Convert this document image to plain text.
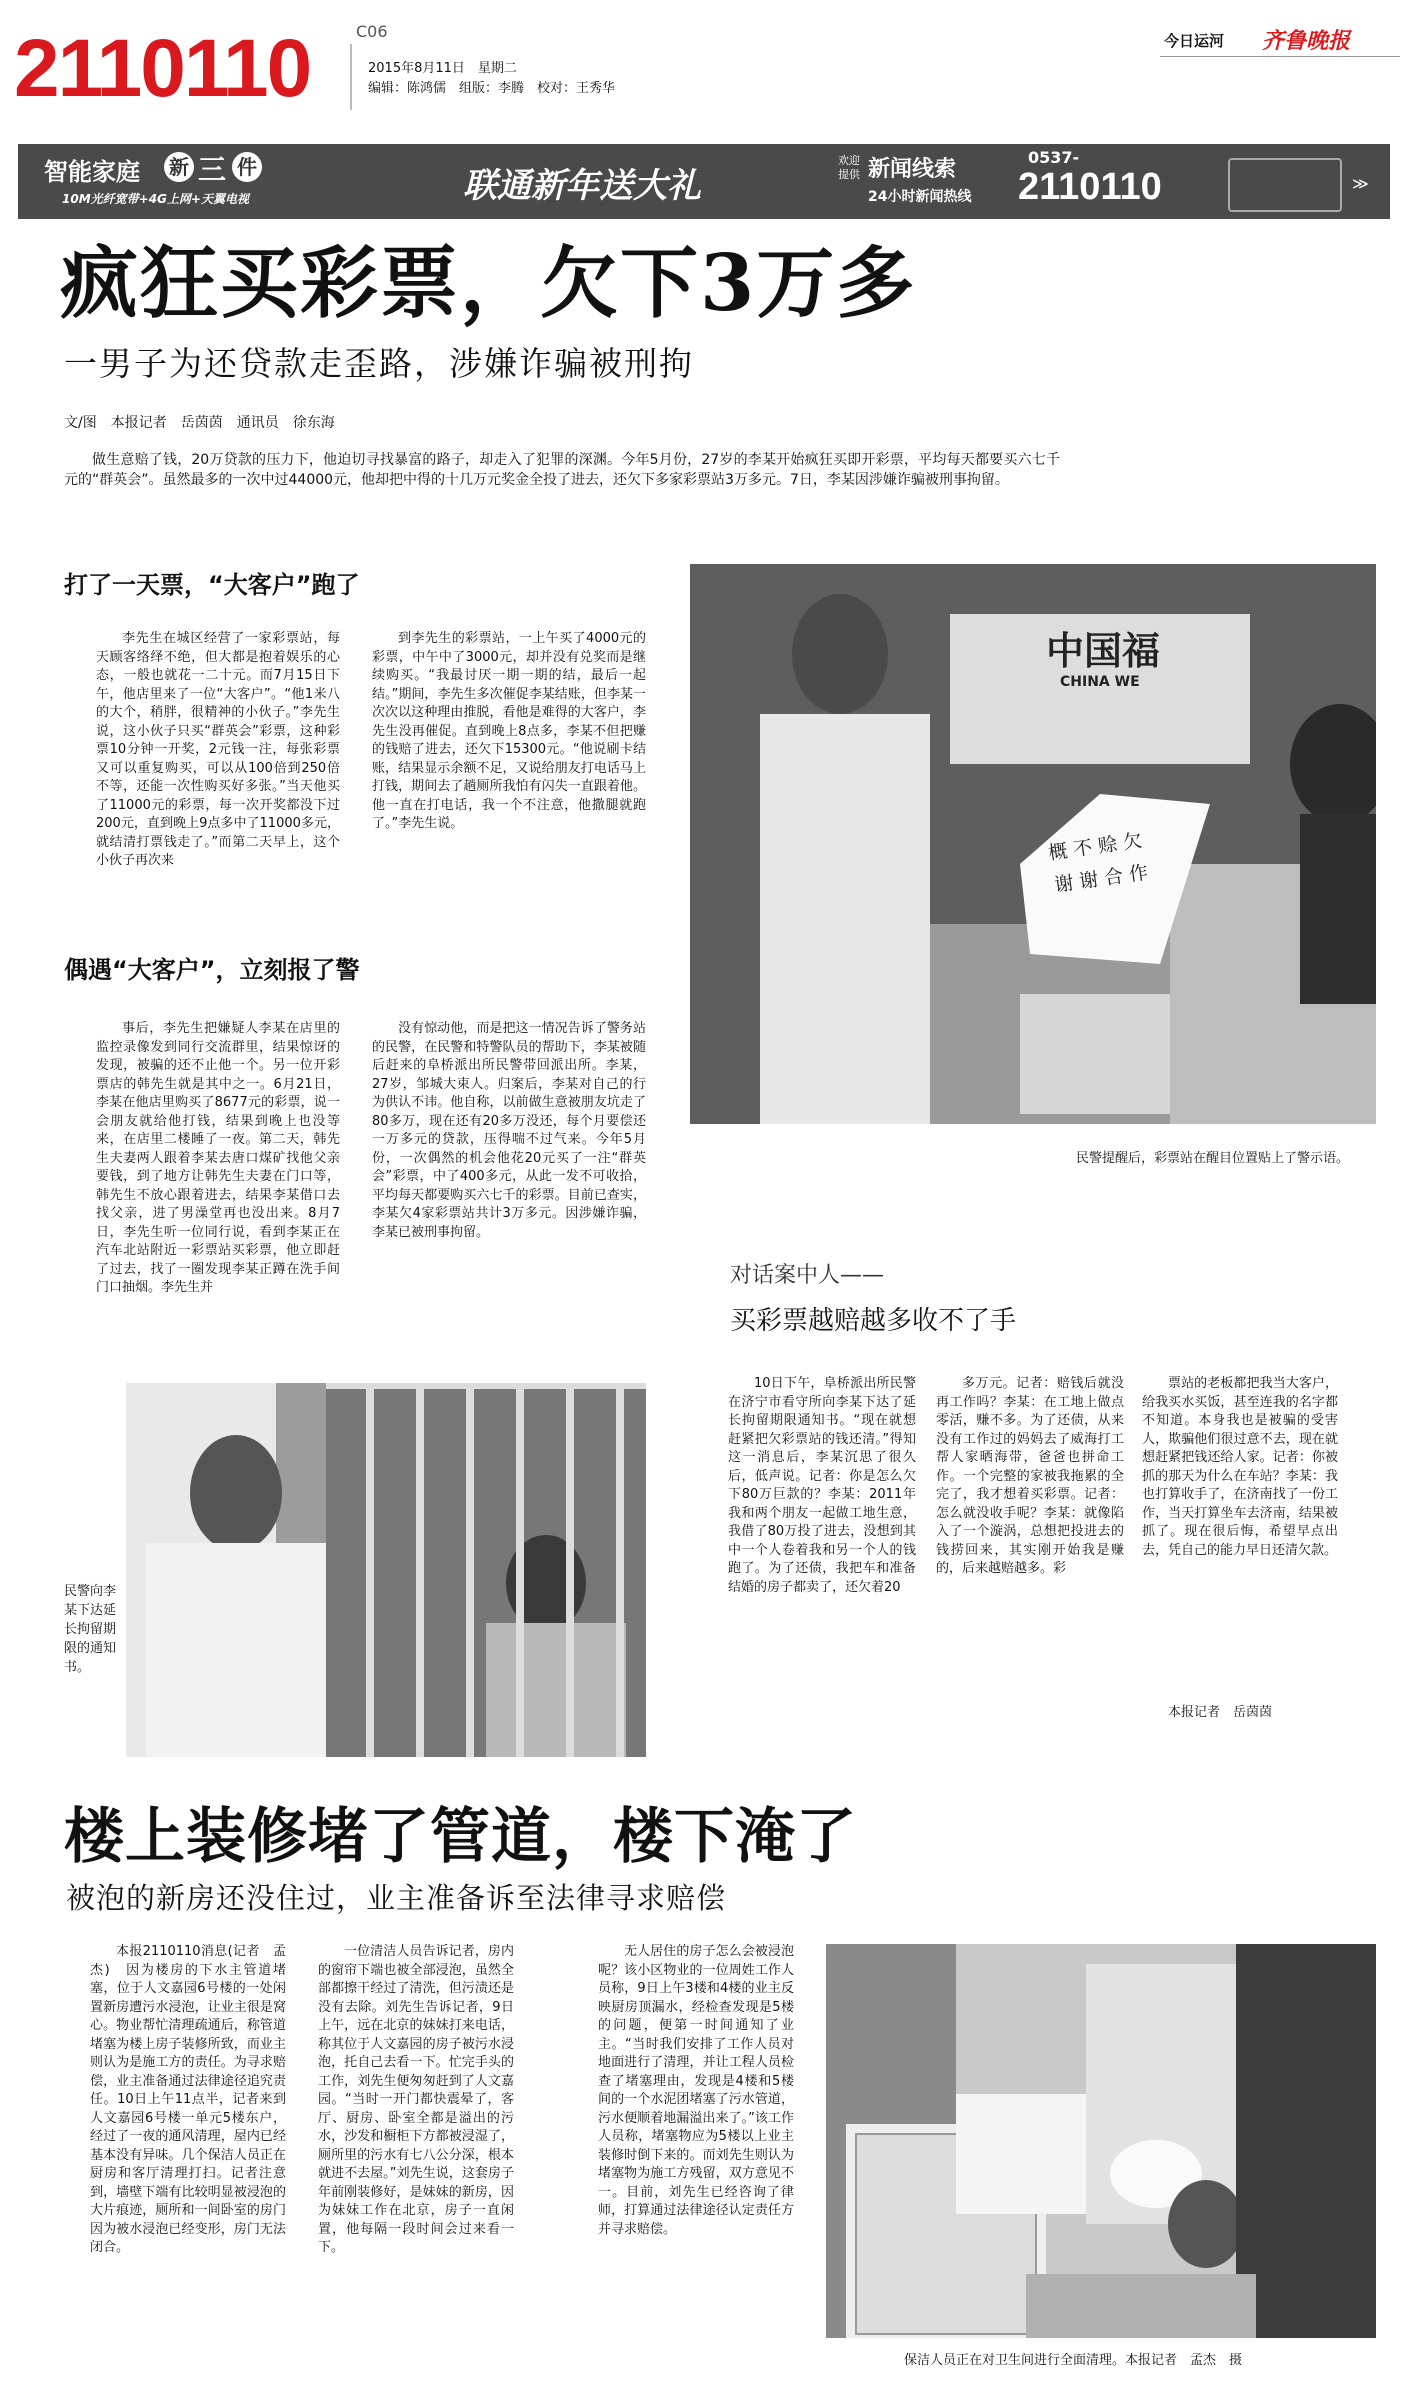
2110110	C06
2015年8月11日　星期二
编辑：陈鸿儒　组版：李腾　校对：王秀华
今日运河 齐鲁晚报
智能家庭 新 三 件
10M光纤宽带+4G上网+天翼电视	联通新年送大礼
欢迎提供 新闻线索
24小时新闻热线
0537-
2110110	≫
疯狂买彩票，欠下3万多
一男子为还贷款走歪路，涉嫌诈骗被刑拘
文/图　本报记者　岳茵茵　通讯员　徐东海

做生意赔了钱，20万贷款的压力下，他迫切寻找暴富的路子，却走入了犯罪的深渊。今年5月份，27岁的李某开始疯狂买即开彩票，平均每天都要买六七千元的“群英会”。虽然最多的一次中过44000元，他却把中得的十几万元奖金全投了进去，还欠下多家彩票站3万多元。7日，李某因涉嫌诈骗被刑事拘留。

打了一天票，“大客户”跑了

李先生在城区经营了一家彩票站，每天顾客络绎不绝，但大都是抱着娱乐的心态，一般也就花一二十元。而7月15日下午，他店里来了一位“大客户”。“他1米八的大个，稍胖，很精神的小伙子。”李先生说，这小伙子只买“群英会”彩票，这种彩票10分钟一开奖，2元钱一注，每张彩票又可以重复购买，可以从100倍到250倍不等，还能一次性购买好多张。”当天他买了11000元的彩票，每一次开奖都没下过200元，直到晚上9点多中了11000多元，就结清打票钱走了。”而第二天早上，这个小伙子再次来

到李先生的彩票站，一上午买了4000元的彩票，中午中了3000元，却并没有兑奖而是继续购买。“我最讨厌一期一期的结，最后一起结。”期间，李先生多次催促李某结账，但李某一次次以这种理由推脱，看他是难得的大客户，李先生没再催促。直到晚上8点多，李某不但把赚的钱赔了进去，还欠下15300元。“他说刷卡结账，结果显示余额不足，又说给朋友打电话马上打钱，期间去了趟厕所我怕有闪失一直跟着他。他一直在打电话，我一个不注意，他撒腿就跑了。”李先生说。

中国福
CHINA WE
概 不 赊 欠
谢 谢 合 作
民警提醒后，彩票站在醒目位置贴上了警示语。
偶遇“大客户”，立刻报了警

事后，李先生把嫌疑人李某在店里的监控录像发到同行交流群里，结果惊讶的发现，被骗的还不止他一个。另一位开彩票店的韩先生就是其中之一。6月21日，李某在他店里购买了8677元的彩票，说一会朋友就给他打钱，结果到晚上也没等来，在店里二楼睡了一夜。第二天，韩先生夫妻两人跟着李某去唐口煤矿找他父亲要钱，到了地方让韩先生夫妻在门口等，韩先生不放心跟着进去，结果李某借口去找父亲，进了男澡堂再也没出来。8月7日，李先生听一位同行说，看到李某正在汽车北站附近一彩票站买彩票，他立即赶了过去，找了一圈发现李某正蹲在洗手间门口抽烟。李先生并

没有惊动他，而是把这一情况告诉了警务站的民警，在民警和特警队员的帮助下，李某被随后赶来的阜桥派出所民警带回派出所。李某，27岁，邹城大束人。归案后，李某对自己的行为供认不讳。他自称，以前做生意被朋友坑走了80多万，现在还有20多万没还，每个月要偿还一万多元的贷款，压得喘不过气来。今年5月份，一次偶然的机会他花20元买了一注“群英会”彩票，中了400多元，从此一发不可收拾，平均每天都要购买六七千的彩票。目前已查实，李某欠4家彩票站共计3万多元。因涉嫌诈骗，李某已被刑事拘留。

民警向李某下达延长拘留期限的通知书。
对话案中人——
买彩票越赔越多收不了手

10日下午，阜桥派出所民警在济宁市看守所向李某下达了延长拘留期限通知书。“现在就想赶紧把欠彩票站的钱还清。”得知这一消息后，李某沉思了很久后，低声说。记者：你是怎么欠下80万巨款的？李某：2011年我和两个朋友一起做工地生意，我借了80万投了进去，没想到其中一个人卷着我和另一个人的钱跑了。为了还债，我把车和准备结婚的房子都卖了，还欠着20

多万元。记者：赔钱后就没再工作吗？李某：在工地上做点零活，赚不多。为了还债，从来没有工作过的妈妈去了威海打工帮人家晒海带，爸爸也拼命工作。一个完整的家被我拖累的全完了，我才想着买彩票。记者：怎么就没收手呢？李某：就像陷入了一个漩涡，总想把投进去的钱捞回来，其实刚开始我是赚的，后来越赔越多。彩

票站的老板都把我当大客户，给我买水买饭，甚至连我的名字都不知道。本身我也是被骗的受害人，欺骗他们很过意不去，现在就想赶紧把钱还给人家。记者：你被抓的那天为什么在车站？李某：我也打算收手了，在济南找了一份工作，当天打算坐车去济南，结果被抓了。现在很后悔，希望早点出去，凭自己的能力早日还清欠款。

本报记者　岳茵茵

楼上装修堵了管道，楼下淹了
被泡的新房还没住过，业主准备诉至法律寻求赔偿

本报2110110消息(记者　孟杰)　因为楼房的下水主管道堵塞，位于人文嘉园6号楼的一处闲置新房遭污水浸泡，让业主很是窝心。物业帮忙清理疏通后，称管道堵塞为楼上房子装修所致，而业主则认为是施工方的责任。为寻求赔偿，业主准备通过法律途径追究责任。10日上午11点半，记者来到人文嘉园6号楼一单元5楼东户，经过了一夜的通风清理，屋内已经基本没有异味。几个保洁人员正在厨房和客厅清理打扫。记者注意到，墙壁下端有比较明显被浸泡的大片痕迹，厕所和一间卧室的房门因为被水浸泡已经变形，房门无法闭合。

一位清洁人员告诉记者，房内的窗帘下端也被全部浸泡，虽然全部都擦干经过了清洗，但污渍还是没有去除。刘先生告诉记者，9日上午，远在北京的妹妹打来电话，称其位于人文嘉园的房子被污水浸泡，托自己去看一下。忙完手头的工作，刘先生便匆匆赶到了人文嘉园。“当时一开门都快震晕了，客厅、厨房、卧室全都是溢出的污水，沙发和橱柜下方都被浸湿了，厕所里的污水有七八公分深，根本就进不去屋。”刘先生说，这套房子年前刚装修好，是妹妹的新房，因为妹妹工作在北京，房子一直闲置，他每隔一段时间会过来看一下。

无人居住的房子怎么会被浸泡呢？该小区物业的一位周姓工作人员称，9日上午3楼和4楼的业主反映厨房顶漏水，经检查发现是5楼的问题，便第一时间通知了业主。“当时我们安排了工作人员对地面进行了清理，并让工程人员检查了堵塞理由，发现是4楼和5楼间的一个水泥团堵塞了污水管道，污水便顺着地漏溢出来了。”该工作人员称，堵塞物应为5楼以上业主装修时倒下来的。而刘先生则认为堵塞物为施工方残留，双方意见不一。目前，刘先生已经咨询了律师，打算通过法律途径认定责任方并寻求赔偿。

保洁人员正在对卫生间进行全面清理。本报记者　孟杰　摄
